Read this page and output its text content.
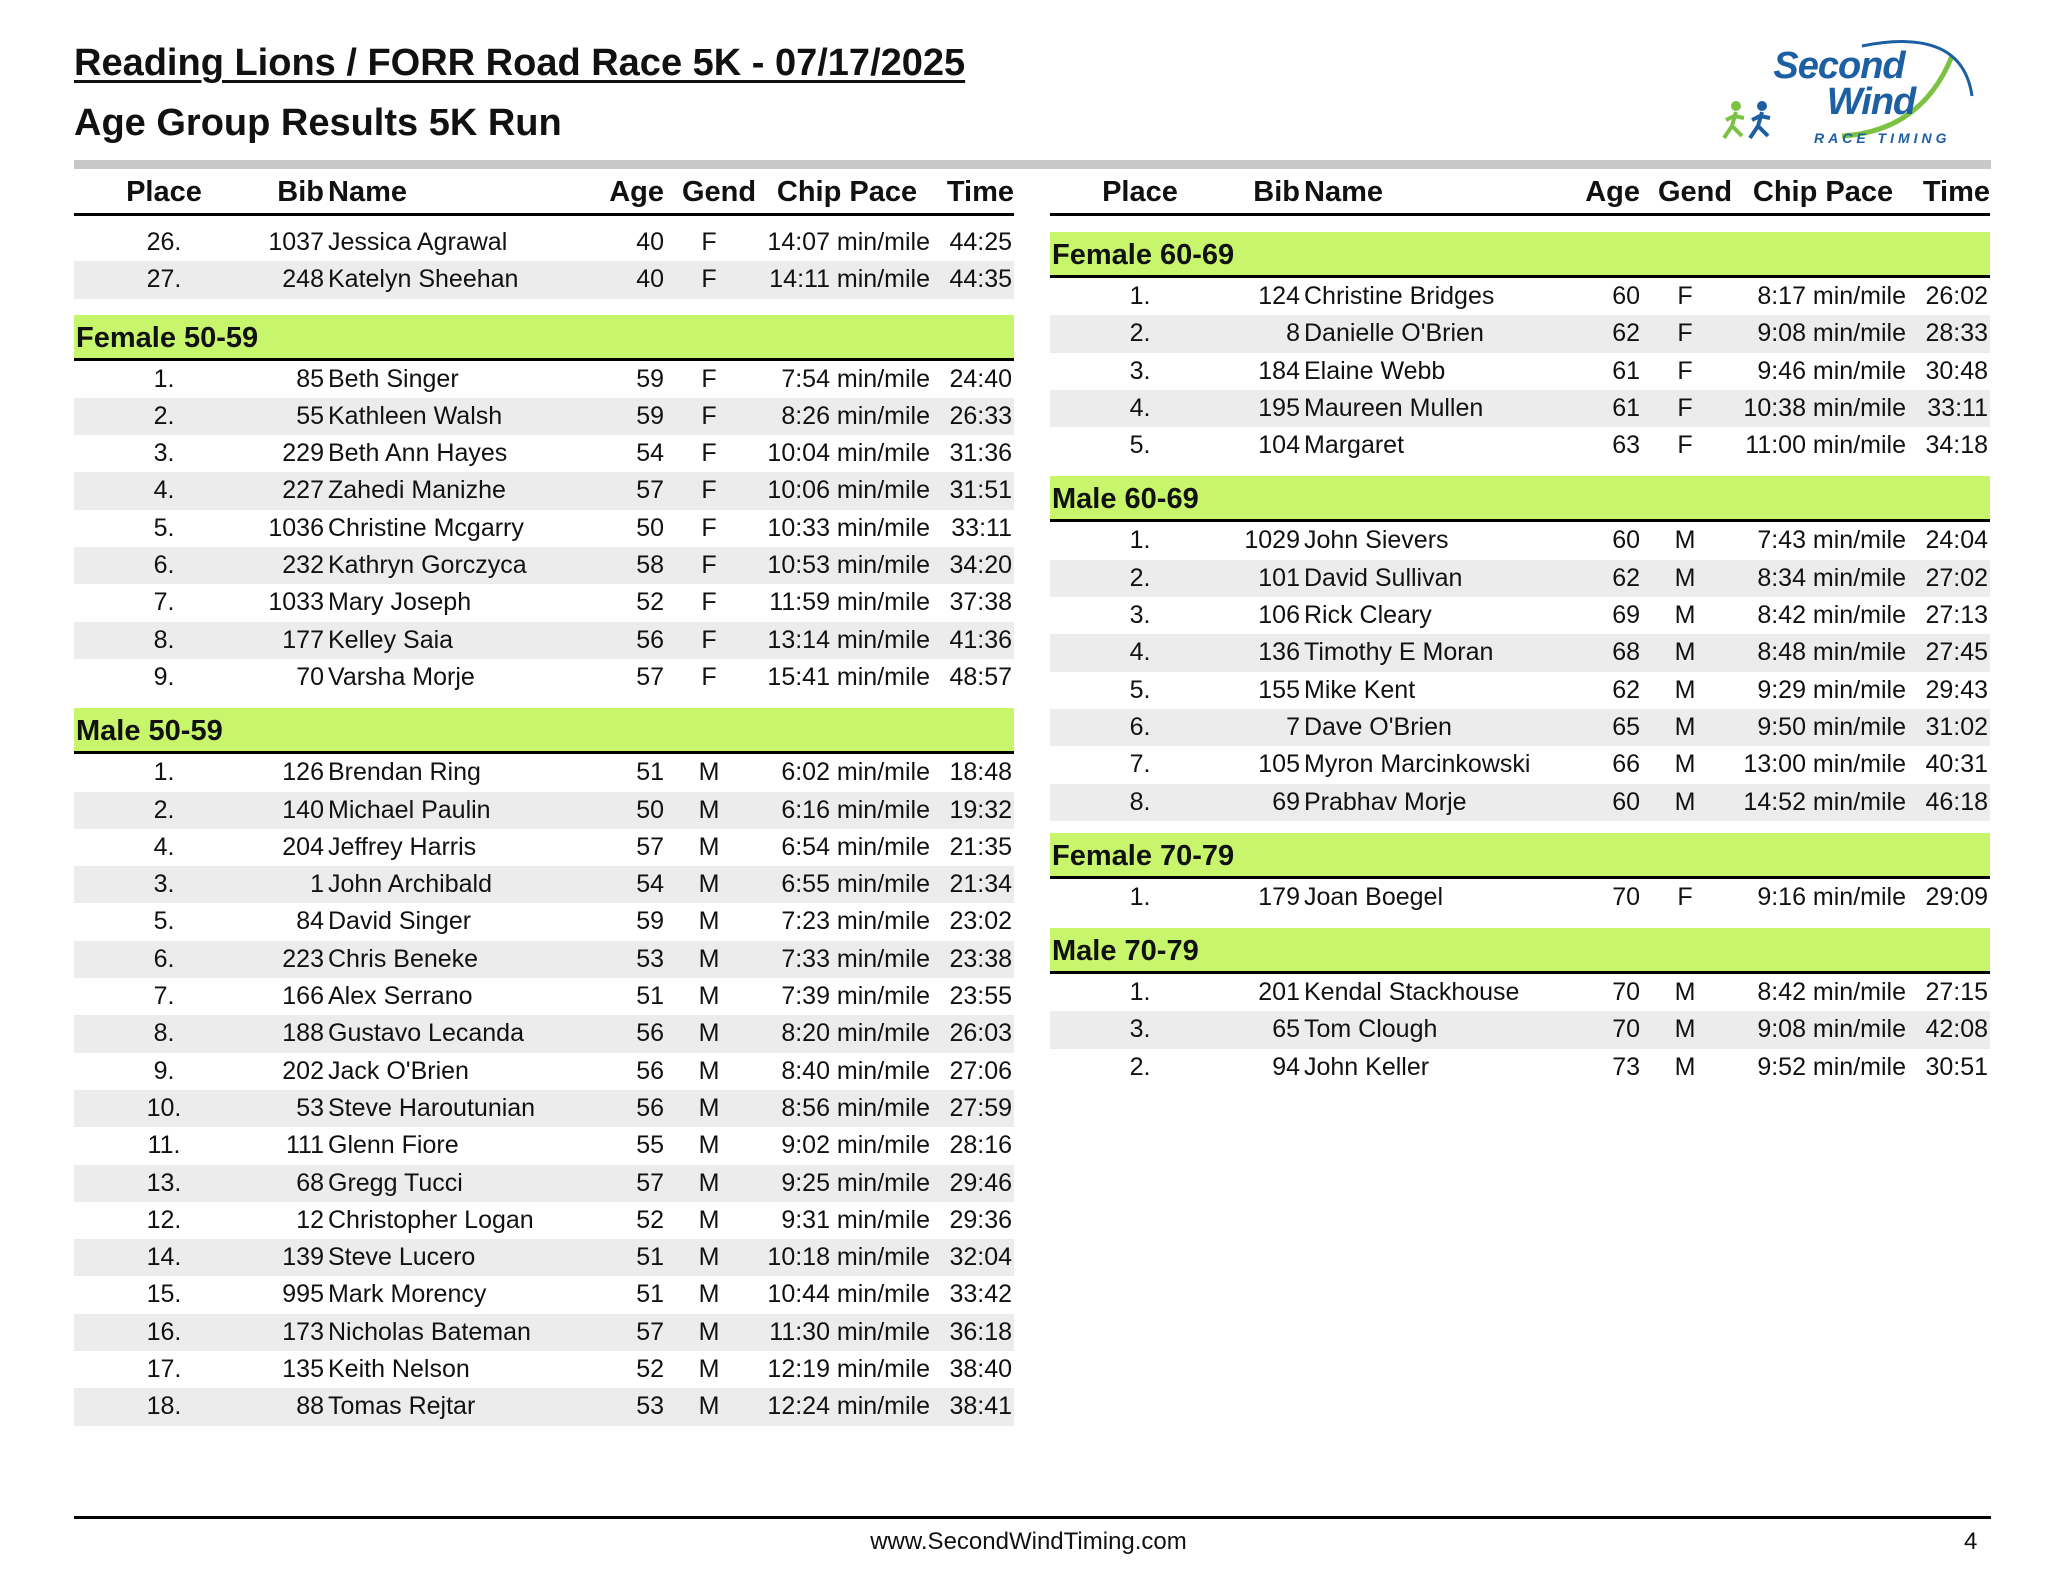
Reading Lions / FORR Road Race 5K - 07/17/2025
Age Group Results 5K Run
Second
Wind
RACE TIMING
Place	Bib Name	Age Gend Chip Pace	Time
26.	1037 Jessica Agrawal	40	F	14:07 min/mile 44:25
27.	248 Katelyn Sheehan	40	F	14:11 min/mile 44:35
Female 50-59
1.	85 Beth Singer	59	F	7:54 min/mile 24:40
2.	55 Kathleen Walsh	59	F	8:26 min/mile 26:33
3.	229 Beth Ann Hayes	54	F	10:04 min/mile 31:36
4.	227 Zahedi Manizhe	57	F	10:06 min/mile 31:51
5.	1036 Christine Mcgarry	50	F	10:33 min/mile 33:11
6.	232 Kathryn Gorczyca	58	F	10:53 min/mile 34:20
7.	1033 Mary Joseph	52	F	11:59 min/mile 37:38
8.	177 Kelley Saia	56	F	13:14 min/mile 41:36
9.	70 Varsha Morje	57	F	15:41 min/mile 48:57
Male 50-59
1.	126 Brendan Ring	51	M	6:02 min/mile 18:48
2.	140 Michael Paulin	50	M	6:16 min/mile 19:32
4.	204 Jeffrey Harris	57	M	6:54 min/mile 21:35
3.	1 John Archibald	54	M	6:55 min/mile 21:34
5.	84 David Singer	59	M	7:23 min/mile 23:02
6.	223 Chris Beneke	53	M	7:33 min/mile 23:38
7.	166 Alex Serrano	51	M	7:39 min/mile 23:55
8.	188 Gustavo Lecanda	56	M	8:20 min/mile 26:03
9.	202 Jack O'Brien	56	M	8:40 min/mile 27:06
10.	53 Steve Haroutunian	56	M	8:56 min/mile 27:59
11.	111 Glenn Fiore	55	M	9:02 min/mile 28:16
13.	68 Gregg Tucci	57	M	9:25 min/mile 29:46
12.	12 Christopher Logan	52	M	9:31 min/mile 29:36
14.	139 Steve Lucero	51	M	10:18 min/mile 32:04
15.	995 Mark Morency	51	M	10:44 min/mile 33:42
16.	173 Nicholas Bateman	57	M	11:30 min/mile 36:18
17.	135 Keith Nelson	52	M	12:19 min/mile 38:40
18.	88 Tomas Rejtar	53	M	12:24 min/mile 38:41
Place	Bib Name	Age Gend Chip Pace	Time
Female 60-69
1.	124 Christine Bridges	60	F	8:17 min/mile 26:02
2.	8 Danielle O'Brien	62	F	9:08 min/mile 28:33
3.	184 Elaine Webb	61	F	9:46 min/mile 30:48
4.	195 Maureen Mullen	61	F	10:38 min/mile 33:11
5.	104 Margaret	63	F	11:00 min/mile 34:18
Male 60-69
1.	1029 John Sievers	60	M	7:43 min/mile 24:04
2.	101 David Sullivan	62	M	8:34 min/mile 27:02
3.	106 Rick Cleary	69	M	8:42 min/mile 27:13
4.	136 Timothy E Moran	68	M	8:48 min/mile 27:45
5.	155 Mike Kent	62	M	9:29 min/mile 29:43
6.	7 Dave O'Brien	65	M	9:50 min/mile 31:02
7.	105 Myron Marcinkowski	66	M	13:00 min/mile 40:31
8.	69 Prabhav Morje	60	M	14:52 min/mile 46:18
Female 70-79
1.	179 Joan Boegel	70	F	9:16 min/mile 29:09
Male 70-79
1.	201 Kendal Stackhouse	70	M	8:42 min/mile 27:15
3.	65 Tom Clough	70	M	9:08 min/mile 42:08
2.	94 John Keller	73	M	9:52 min/mile 30:51
www.SecondWindTiming.com	4
